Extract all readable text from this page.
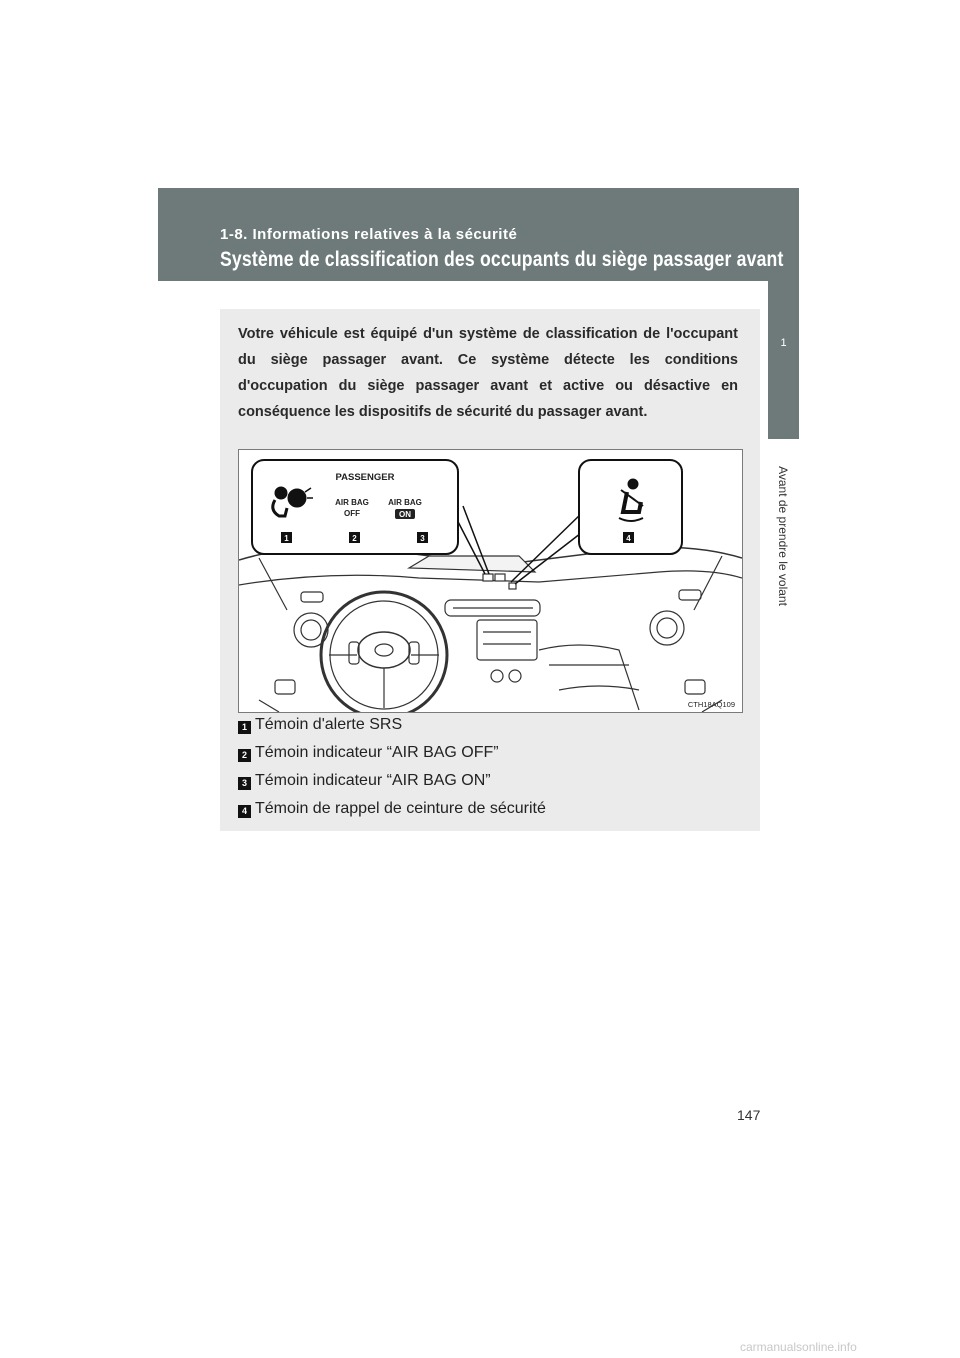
1-8. Informations relatives à la sécurité
Système de classification des occupants du siège passager avant
1
Avant de prendre le volant

Votre véhicule est équipé d'un système de classification de l'occupant du siège passager avant. Ce système détecte les conditions d'occupation du siège passager avant et active ou désactive en conséquence les dispositifs de sécurité du passager avant.

PASSENGER
AIR BAG
OFF
AIR BAG
ON
1	2	3	4
CTH18AQ109
1 Témoin d'alerte SRS
2 Témoin indicateur “AIR BAG OFF”
3 Témoin indicateur “AIR BAG ON”
4 Témoin de rappel de ceinture de sécurité
147
carmanualsonline.info
